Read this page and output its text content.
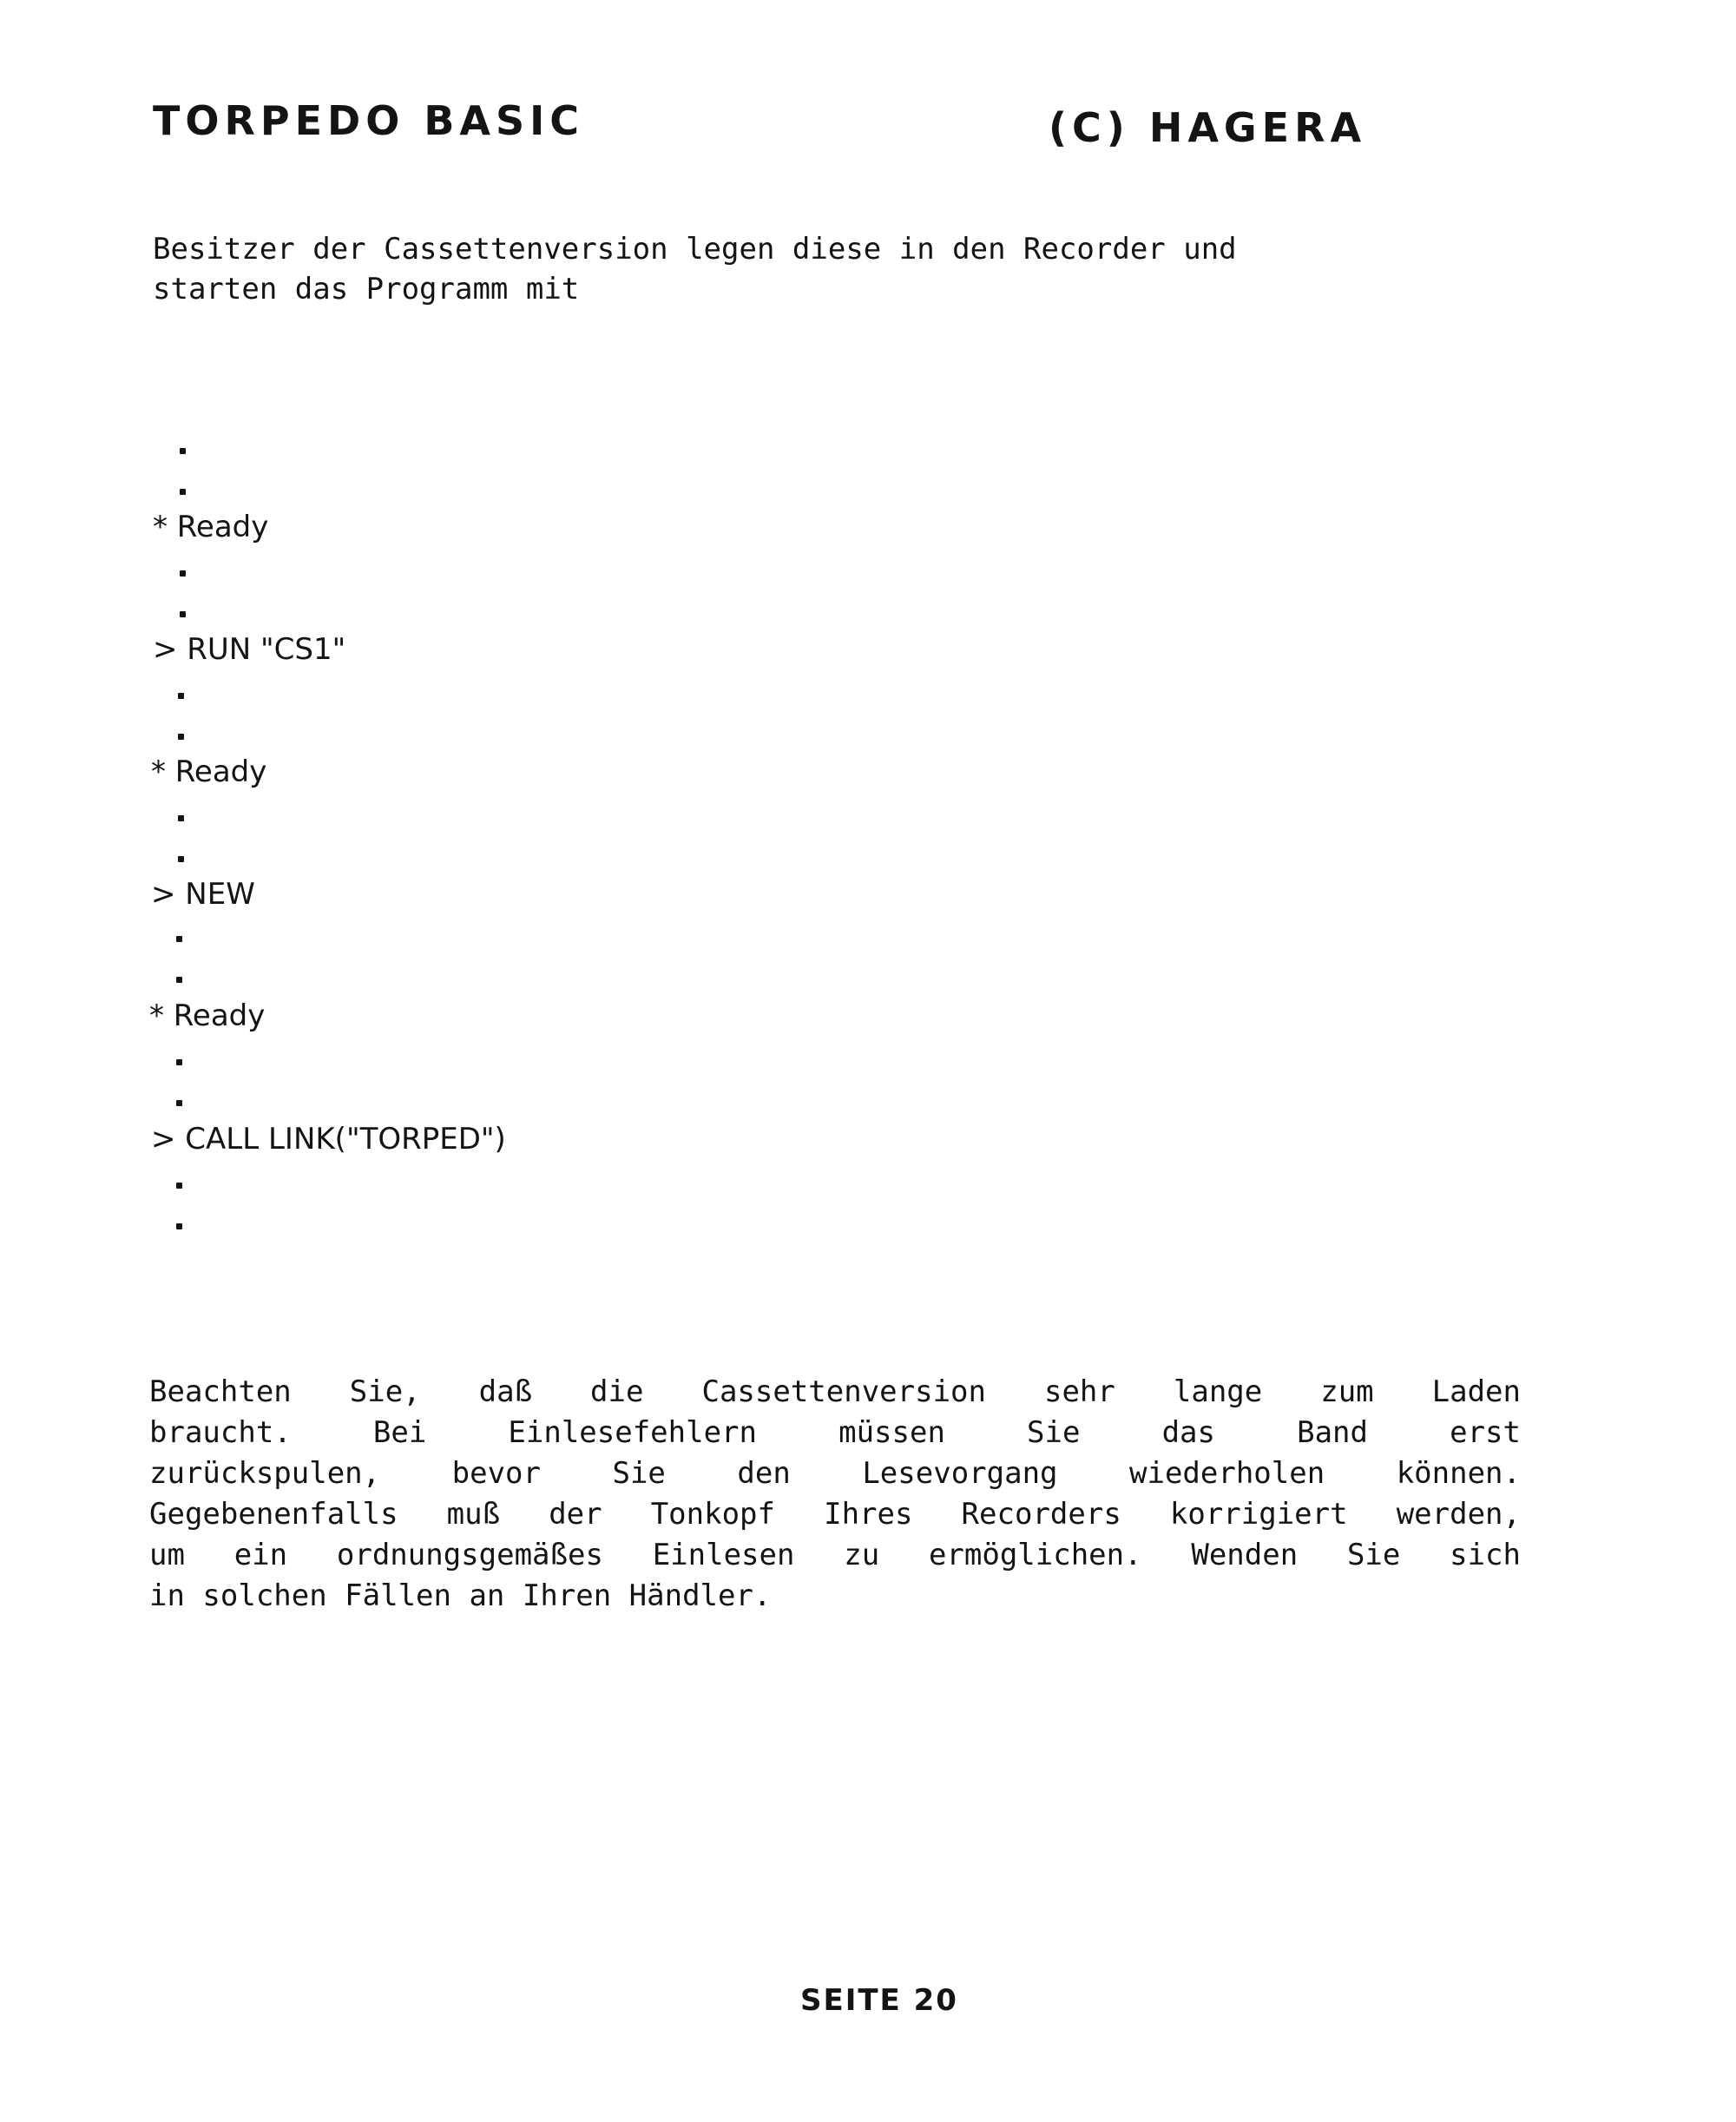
TORPEDO BASIC	(C) HAGERA
Besitzer der Cassettenversion legen diese in den Recorder und
starten das Programm mit
* Ready
> RUN "CS1"
* Ready
> NEW
* Ready
> CALL LINK("TORPED")
Beachten Sie, daß die Cassettenversion sehr lange zum Laden
braucht. Bei Einlesefehlern müssen Sie das Band erst
zurückspulen, bevor Sie den Lesevorgang wiederholen können.
Gegebenenfalls muß der Tonkopf Ihres Recorders korrigiert werden,
um ein ordnungsgemäßes Einlesen zu ermöglichen. Wenden Sie sich
in solchen Fällen an Ihren Händler.
SEITE 20
